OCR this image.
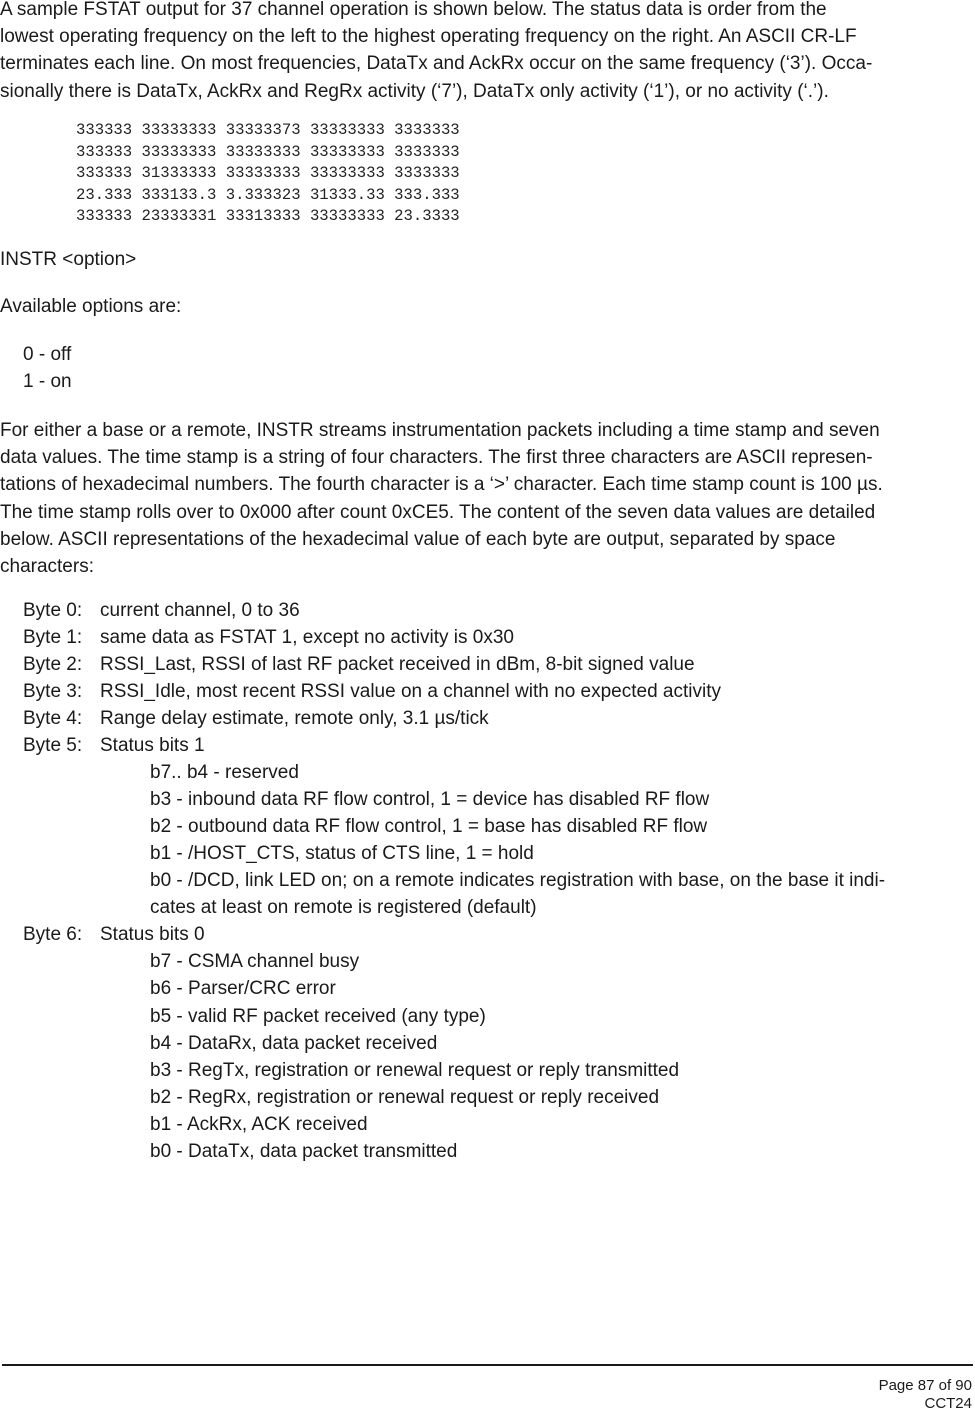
A sample FSTAT output for 37 channel operation is shown below. The status data is order from the
lowest operating frequency on the left to the highest operating frequency on the right. An ASCII CR-LF
terminates each line. On most frequencies, DataTx and AckRx occur on the same frequency (‘3’). Occa-
sionally there is DataTx, AckRx and RegRx activity (‘7’), DataTx only activity (‘1’), or no activity (‘.’).

333333 33333333 33333373 33333333 3333333
333333 33333333 33333333 33333333 3333333
333333 31333333 33333333 33333333 3333333
23.333 333133.3 3.333323 31333.33 333.333
333333 23333331 33313333 33333333 23.3333

INSTR <option>

Available options are:

0 - off

1 - on

For either a base or a remote, INSTR streams instrumentation packets including a time stamp and seven
data values. The time stamp is a string of four characters. The first three characters are ASCII represen-
tations of hexadecimal numbers. The fourth character is a ‘>’ character. Each time stamp count is 100 µs.
The time stamp rolls over to 0x000 after count 0xCE5. The content of the seven data values are detailed
below. ASCII representations of the hexadecimal value of each byte are output, separated by space
characters:

Byte 0: current channel, 0 to 36

Byte 1: same data as FSTAT 1, except no activity is 0x30

Byte 2: RSSI_Last, RSSI of last RF packet received in dBm, 8-bit signed value

Byte 3: RSSI_Idle, most recent RSSI value on a channel with no expected activity

Byte 4: Range delay estimate, remote only, 3.1 µs/tick

Byte 5: Status bits 1

b7.. b4 - reserved

b3 - inbound data RF flow control, 1 = device has disabled RF flow

b2 - outbound data RF flow control, 1 = base has disabled RF flow

b1 - /HOST_CTS, status of CTS line, 1 = hold

b0 - /DCD, link LED on; on a remote indicates registration with base, on the base it indi-

cates at least on remote is registered (default)

Byte 6: Status bits 0

b7 - CSMA channel busy

b6 - Parser/CRC error

b5 - valid RF packet received (any type)

b4 - DataRx, data packet received

b3 - RegTx, registration or renewal request or reply transmitted

b2 - RegRx, registration or renewal request or reply received

b1 - AckRx, ACK received

b0 - DataTx, data packet transmitted

Page 87 of 90
CCT24
